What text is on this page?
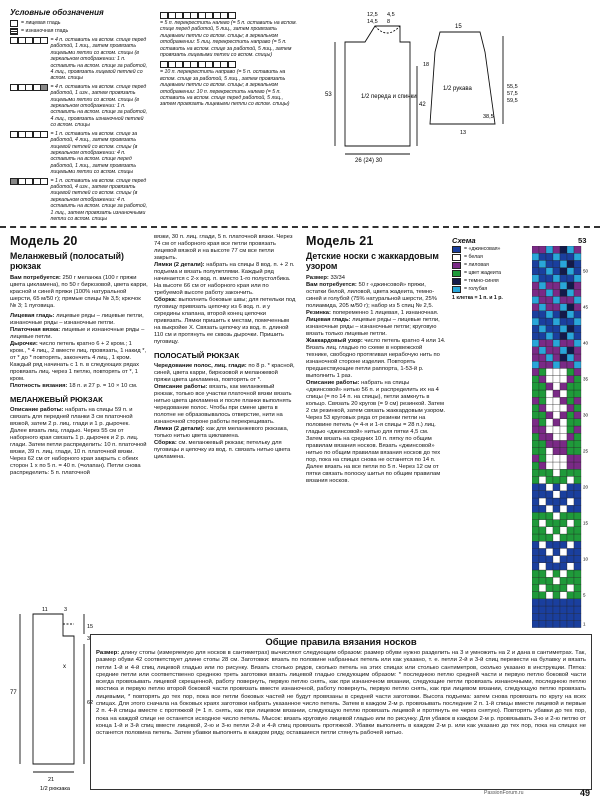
Условные обозначения
= лицевая гладь
= изнаночная гладь
= 4 п. оставить на вспом. спице перед работой, 1 лиц., затем провязать лицевыми петли со вспом. спицы (в зеркальном отображении: 1 п. оставить на вспом. спице за работой, 4 лиц., провязать лицевой петлей со вспом. спицы
= 4 п. оставить на вспом. спице перед работой, 1 изн., затем провязать лицевыми петли со вспом. спицы (в зеркальном отображении: 1 п. оставить на вспом. спице за работой, 4 лиц., провязать изнаночной петлей со вспом. спицы
= 1 п. оставить на вспом. спице за работой, 4 лиц., затем провязать лицевой петлей со вспом. спицы (в зеркальном отображении: 4 п. оставить на вспом. спице перед работой, 1 лиц., затем провязать лицевыми петли со вспом. спицы
= 1 п. оставить на вспом. спице перед работой, 4 изн., затем провязать лицевой петлей со вспом. спицы (в зеркальном отображении: 4 п. оставить на вспом. спице за работой, 1 лиц., затем провязать изнаночными петли со вспом. спицы
= 5 п. перекрестить налево (= 5 п. оставить на вспом. спице перед работой, 5 лиц., затем провязать лицевыми петли со вспом. спицы; в зеркальном отображении: 5 лиц. перекрестить направо (= 5 п. оставить на вспом. спице за работой, 5 лиц., затем провязать лицевыми петли со вспом. спицы)
= 10 п. перекрестить направо (= 5 п. оставить на вспом. спице за работой, 5 лиц., затем провязать лицевыми петли со вспом. спицы; в зеркальном отображении: 10 п. перекрестить налево (= 5 п. оставить на вспом. спице перед работой, 5 лиц., затем провязать лицевыми петли со вспом. спицы)
1/2 переда и спинки
1/2 рукава
12,5
14,5
4,5
8
53
42
26 (24) 30
15
55,5
57,5
59,5
38,5
13
18
Модель 20
Меланжевый (полосатый) рюкзак

Вам потребуется: 250 г меланжа (100 г пряжи цвета цикламена), по 50 г бирюзовой, цвета карри, красной и синей пряжи (100% натуральной шерсти, 65 м/50 г); прямые спицы № 3,5; крючок № 3; 1 пуговица.

Лицевая гладь: лицевые ряды – лицевые петли, изнаночные ряды – изнаночные петли.

Платочная вязка: лицевые и изнаночные ряды – лицевые петли.

Дырочки: число петель кратно 6 + 2 кром.; 1 кром., * 4 лиц., 2 вместе лиц. провязать, 1 накид *, от * до * повторять, закончить 4 лиц., 1 кром. Каждый ряд начинать с 1 п. в следующих рядах провязать лиц. через 1 петлю, повторять от *, 1 кром.

Плотность вязания: 18 п. и 27 р. = 10 × 10 см.

МЕЛАНЖЕВЫЙ РЮКЗАК

Описание работы: набрать на спицы 59 п. и связать для передней планки 3 см платочной вязкой, затем 2 р. лиц. глади и 1 р. дырочек. Далее вязать лиц. гладью. Через 55 см от наборного края связать 1 р. дырочек и 2 р. лиц. глади. Затем петли распределить: 10 п. платочной вязки, 39 п. лиц. глади, 10 п. платочной вязки. Через 62 см от наборного края закрыть с обеих сторон 1 х по 5 п. = 40 п. (=клапан). Петли снова распределить: 5 п. платочной

вязки, 30 п. лиц. глади, 5 п. платочной вязки. Через 74 см от наборного края все петли провязать лицевой вязкой и на высоте 77 см все петли закрыть.

Лямки (2 детали): набрать на спицы 8 вод. п. + 2 п. подъема и вязать полупетлями. Каждый ряд начинается с 2-х вод. п. вместо 1-го полустолбика. На высоте 66 см от наборного края или по требуемой высоте работу закончить.

Сборка: выполнить боковые швы; для петельки под пуговицу привязать цепочку из 6 вод. п. и у середины клапана, второй конец цепочки привязать. Лямки пришить к местам, помеченным на выкройке X. Связать цепочку из вод. п. длиной 110 см и протянуть ее сквозь дырочки. Пришить пуговицу.

ПОЛОСАТЫЙ РЮКЗАК

Чередование полос, лиц. глади: по 8 р. * красной, синей, цвета карри, бирюзовой и меланжевой пряжи цвета цикламена, повторять от *.

Описание работы: вязать, как меланжевый рюкзак, только все участки платочной вязки вязать нитью цвета цикламена и после планки выполнять чередование полос. Чтобы при смене цвета в полотне не образовывалось отверстие, нити на изнаночной стороне работы перекрещивать.

Лямки (2 детали): как для меланжевого рюкзака, только нитью цвета цикламена.

Сборка: см. меланжевый рюкзак; петельку для пуговицы и цепочку из вод. п. связать нитью цвета цикламена.

11	3
77
15
62
3
x
21
1/2 рюкзака
Модель 21
Детские носки с жаккардовым узором

Размер: 33/34

Вам потребуется: 50 г «джинсовой» пряжи, остатки белой, лиловой, цвета жадеита, темно-синей и голубой (75% натуральной шерсти, 25% полиамида, 205 м/50 г); набор из 5 спиц № 2,5.

Резинка: попеременно 1 лицевая, 1 изнаночная.

Лицевая гладь: лицевые ряды – лицевые петли, изнаночные ряды – изнаночные петли; круговую вязать только лицевые петли.

Жаккардовый узор: число петель кратно 4 или 14. Вязать лиц. гладью по схеме в норвежской технике, свободно протягивая нерабочую нить по изнаночной стороне изделия. Повторять предшествующие петли раппорта, 1-53-й р. выполнить 1 раз.

Описание работы: набрать на спицы «джинсовой» нитью 56 п. и распределить их на 4 спицы (= по 14 п. на спицы), петли замкнуть в кольцо. Связать 20 кругов (= 9 см) резинкой. Затем 2 см резинкой, затем связать жаккардовым узором. Через 53 круговых ряда от резинки петли на половине петель (= 4-я и 1-я спицы = 28 п.) лиц. гладью «джинсовой» нитью для пятки 4,5 см. Затем вязать на средних 10 п. пятку по общим правилам вязания носков. Вязать «джинсовой» нитью по общим правилам вязания носков до тех пор, пока на спицах снова не останется по 14 п. Далее вязать на все петли по 5 п. Через 12 см от пятки связать полоску шитья по общим правилам вязания носков.

Схема
= «джинсовая»
= белая
= лиловая
= цвет жадеита
= темно-синяя
= голубая
1 клетка = 1 п. и 1 р.
53
1
5
10
15
20
25
30
35
40
45
50
Общие правила вязания носков

Размер: длину стопы (измеряемую для носков в сантиметрах) вычисляют следующим образом: размер обуви нужно разделить на 3 и умножить на 2 и дана в сантиметрах. Так, размер обуви 42 соответствует длине стопы 28 см. Заготовки: вязать по половине набранных петель или как указано, т. е. петли 2-й и 3-й спиц перевести на булавку и вязать петли 1-й и 4-й спиц лицевой гладью или по рисунку. Вязать столько рядов, сколько петель на этих спицах или столько сантиметров, сколько указано в инструкции. Пятка: средние петли или соответственно среднюю треть заготовки вязать лицевой гладью следующим образом: * последнюю петлю средней части и первую петлю боковой части всегда провязывать лицевой скрещенной, работу повернуть, первую петлю снять, как при изнаночном вязании, следующие петли провязать изнаночными, последнюю петлю мостика и первую петлю второй боковой части провязать вместе изнаночной, работу повернуть, первую петлю снять, как при лицевом вязании, следующую петлю провязать лицевыми, * повторять до тех пор, пока все петли боковых частей не будут провязаны в средней части заготовки. Высота подъема: затем снова провязать по кругу на всех спицах. Для этого сначала на боковых краях заготовки набрать указанное число петель. Затем в каждом 2-м р. провязывать последние 2 п. 1-й спицы вместе лицевой и первые 2 п. 4-й спицы вместе с протяжкой (= 1 п. снять, как при лицевом вязании, следующую петлю провязать лицевой и протянуть ее через снятую). Повторять убавки до тех пор, пока на каждой спице не останется исходное число петель. Мысок: вязать круговую лицевой гладью или по рисунку. Для убавок в каждом 2-м р. провязывать 3-ю и 2-ю петлю от конца 1-й и 3-й спиц вместе лицевой, 2-ю и 3-ю петли 2-й и 4-й спиц провязать протяжкой. Убавки выполнять в каждом 2-м р. или как указано до тех пор, пока на спицах не останется половина петель. Затем убавки выполнять в каждом ряду, оставшиеся петли стянуть рабочей нитью.

PassionForum.ru	49
